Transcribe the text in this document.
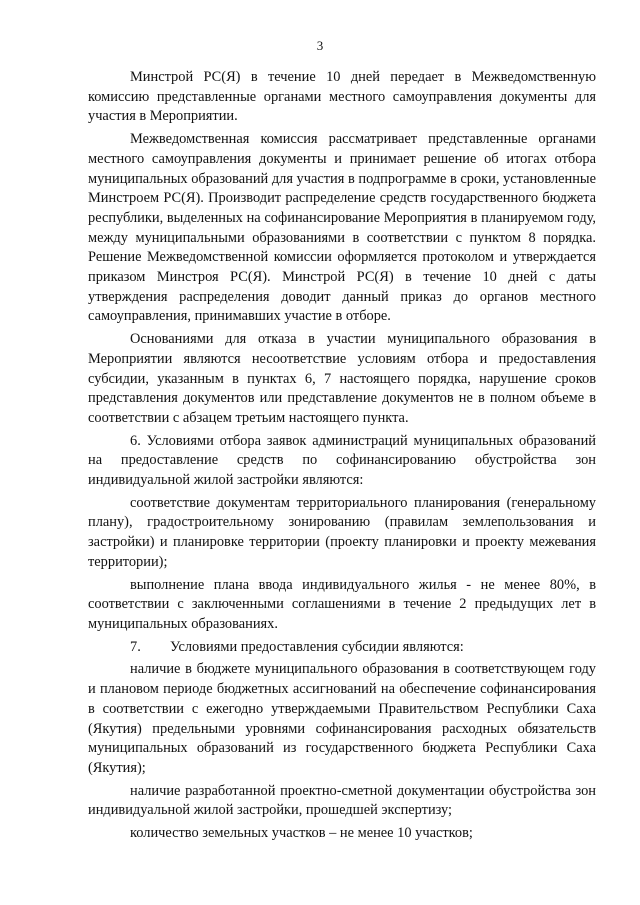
3

Минстрой РС(Я) в течение 10 дней передает в Межведомственную комиссию представленные органами местного самоуправления документы для участия в Мероприятии.

Межведомственная комиссия рассматривает представленные органами местного самоуправления документы и принимает решение об итогах отбора муниципальных образований для участия в подпрограмме в сроки, установленные Минстроем РС(Я). Производит распределение средств государственного бюджета республики, выделенных на софинансирование Мероприятия в планируемом году, между муниципальными образованиями в соответствии с пунктом 8 порядка. Решение Межведомственной комиссии оформляется протоколом и утверждается приказом Минстроя РС(Я). Минстрой РС(Я) в течение 10 дней с даты утверждения распределения доводит данный приказ до органов местного самоуправления, принимавших участие в отборе.

Основаниями для отказа в участии муниципального образования в Мероприятии являются несоответствие условиям отбора и предоставления субсидии, указанным в пунктах 6, 7 настоящего порядка, нарушение сроков представления документов или представление документов не в полном объеме в соответствии с абзацем третьим настоящего пункта.

6. Условиями отбора заявок администраций муниципальных образований на предоставление средств по софинансированию обустройства зон индивидуальной жилой застройки являются:

соответствие документам территориального планирования (генеральному плану), градостроительному зонированию (правилам землепользования и застройки) и планировке территории (проекту планировки и проекту межевания территории);

выполнение плана ввода индивидуального жилья - не менее 80%, в соответствии с заключенными соглашениями в течение 2 предыдущих лет в муниципальных образованиях.

7. Условиями предоставления субсидии являются:

наличие в бюджете муниципального образования в соответствующем году и плановом периоде бюджетных ассигнований на обеспечение софинансирования в соответствии с ежегодно утверждаемыми Правительством Республики Саха (Якутия) предельными уровнями софинансирования расходных обязательств муниципальных образований из государственного бюджета Республики Саха (Якутия);

наличие разработанной проектно-сметной документации обустройства зон индивидуальной жилой застройки, прошедшей экспертизу;

количество земельных участков – не менее 10 участков;
